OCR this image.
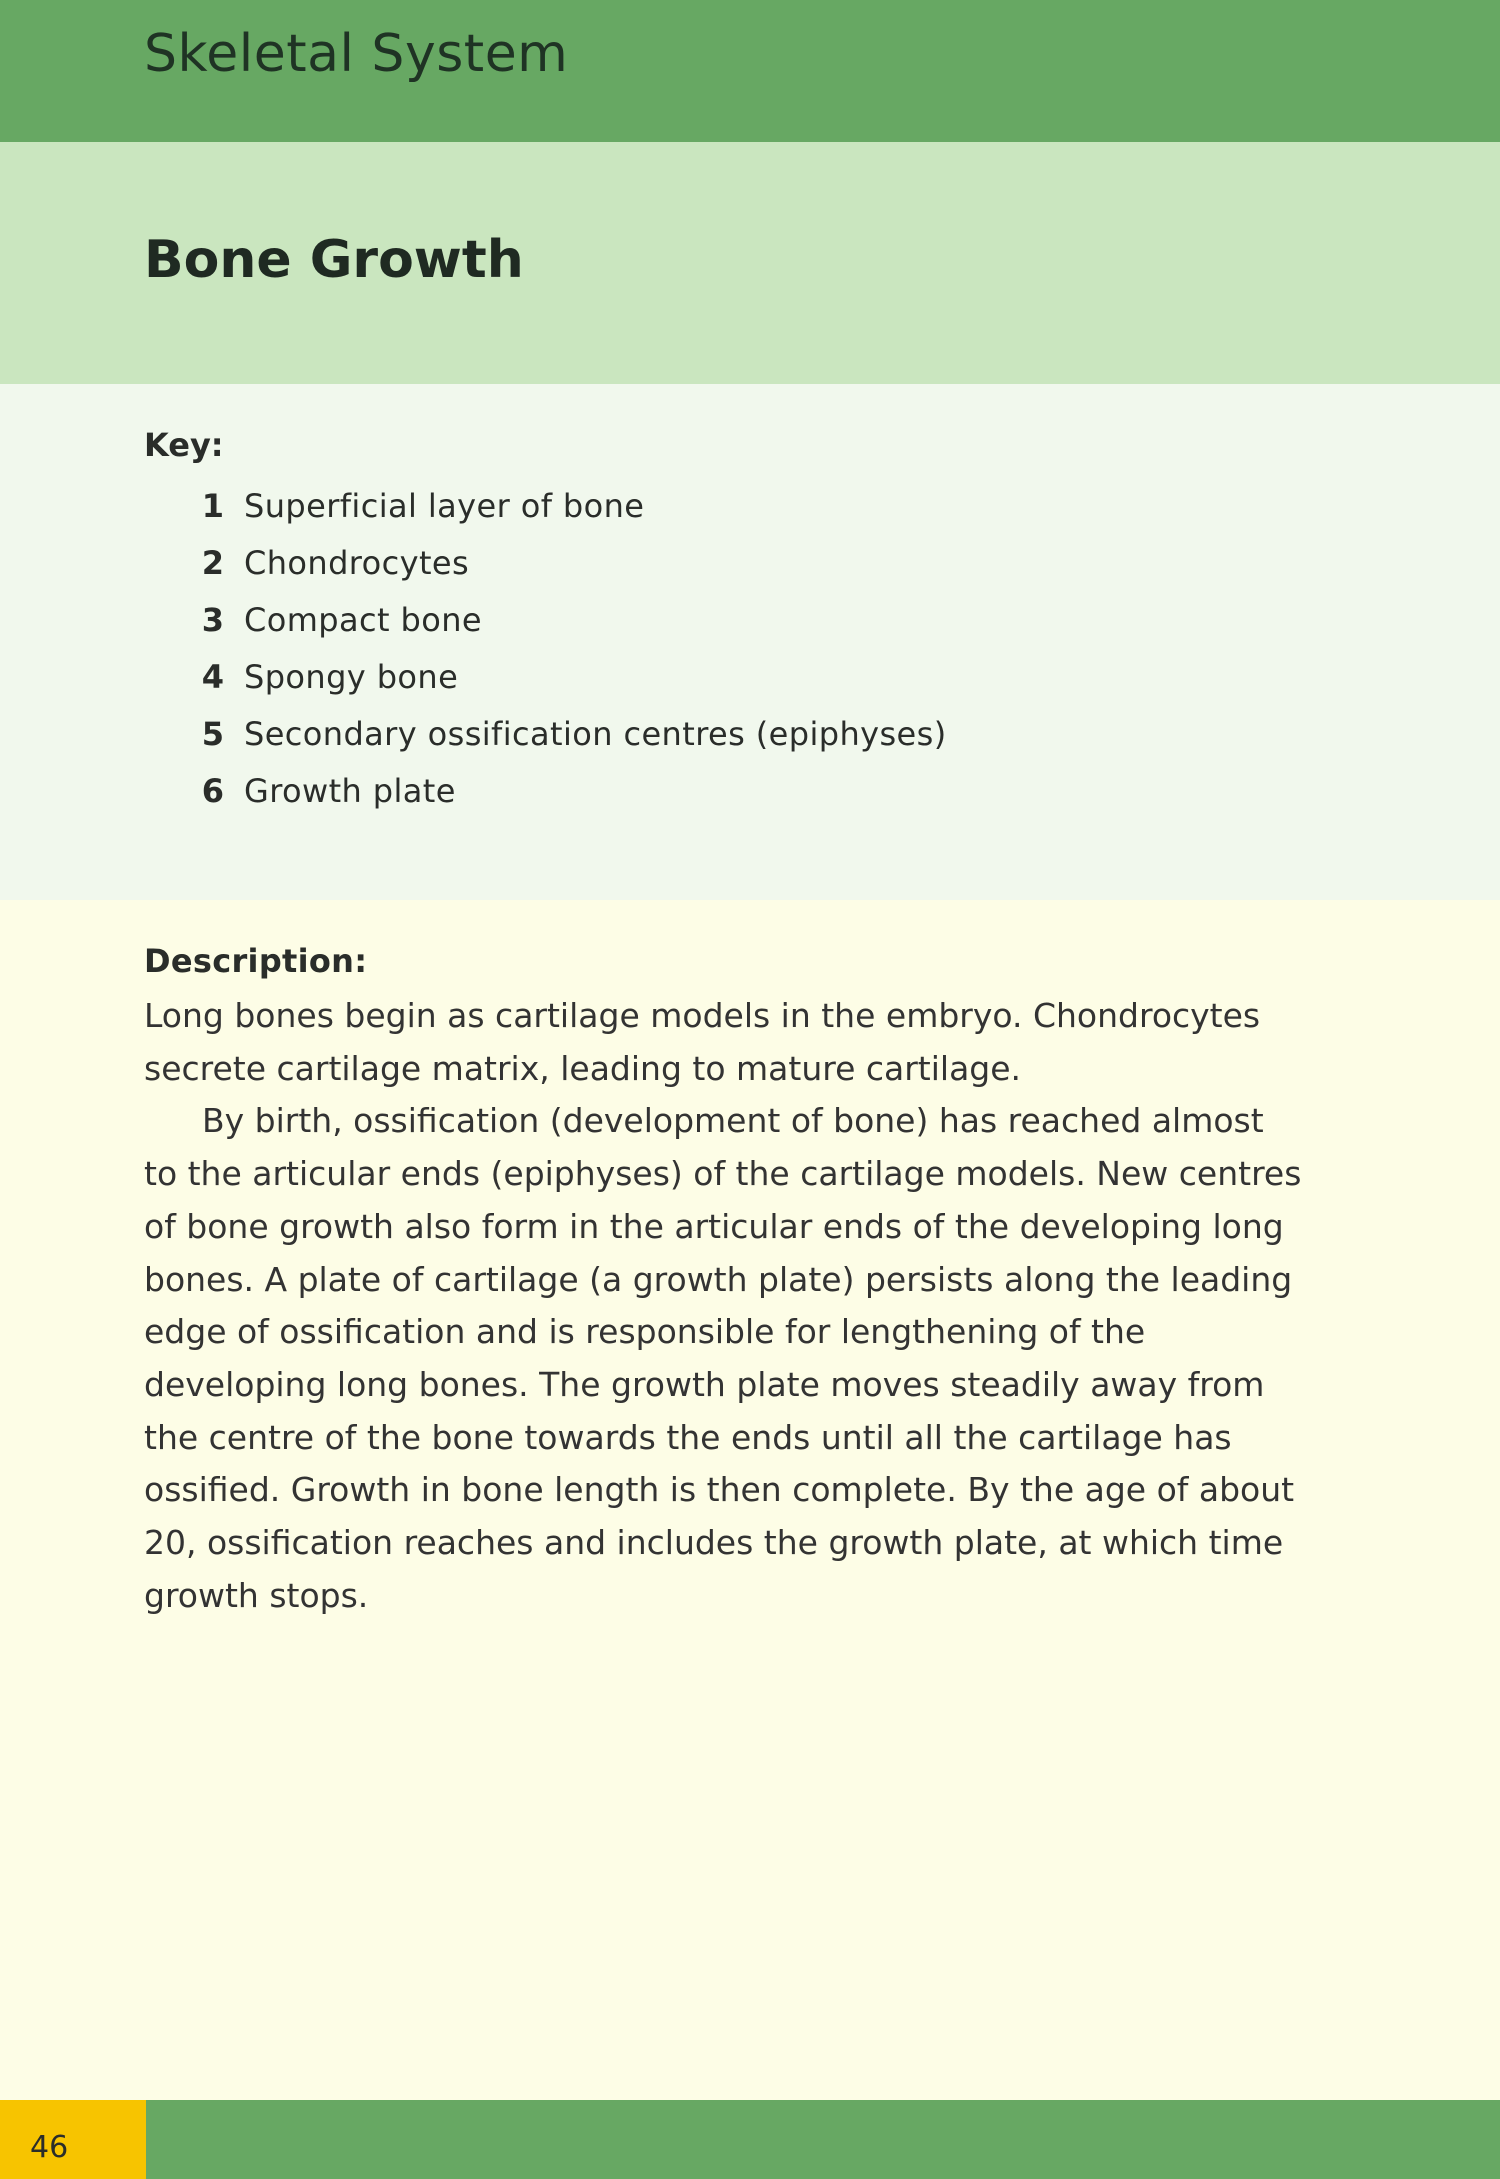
Skeletal System
Bone Growth
Key:
1 Superficial layer of bone
2 Chondrocytes
3 Compact bone
4 Spongy bone
5 Secondary ossification centres (epiphyses)
6 Growth plate
Description:

Long bones begin as cartilage models in the embryo. Chondrocytes secrete cartilage matrix, leading to mature cartilage.

By birth, ossification (development of bone) has reached almost to the articular ends (epiphyses) of the cartilage models. New centres of bone growth also form in the articular ends of the developing long bones. A plate of cartilage (a growth plate) persists along the leading edge of ossification and is responsible for lengthening of the developing long bones. The growth plate moves steadily away from the centre of the bone towards the ends until all the cartilage has ossified. Growth in bone length is then complete. By the age of about 20, ossification reaches and includes the growth plate, at which time growth stops.

46
